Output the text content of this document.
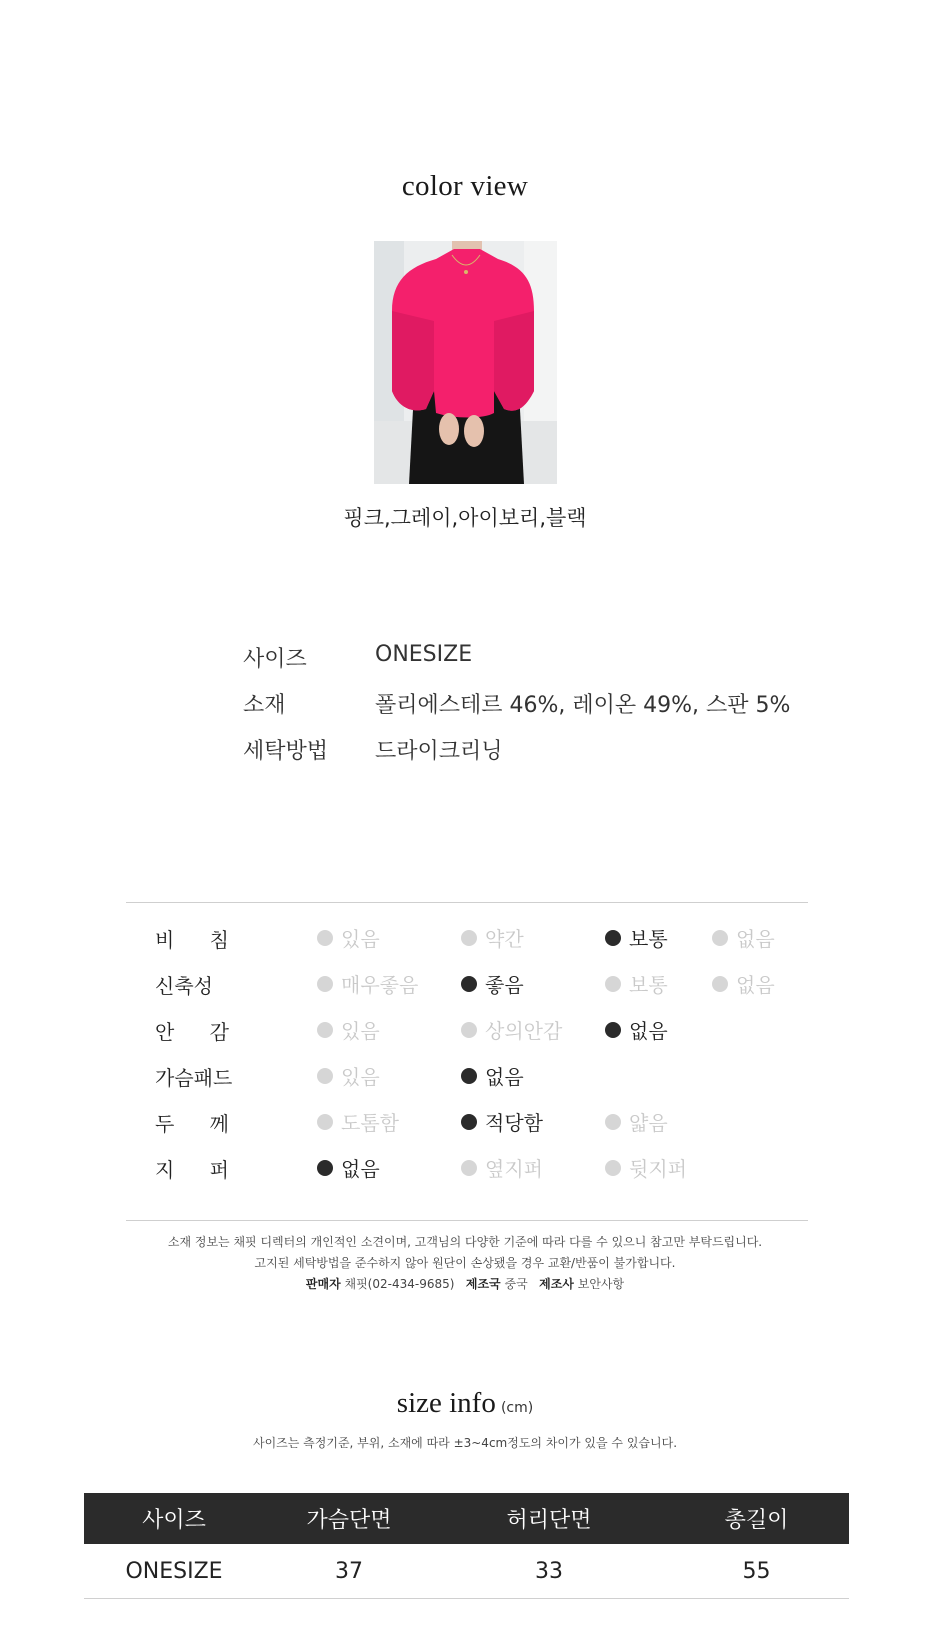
color view
핑크,그레이,아이보리,블랙
사이즈	ONESIZE
소재	폴리에스테르 46%, 레이온 49%, 스판 5%
세탁방법 드라이크리닝
비 침	있음	약간	보통	없음
신축성	매우좋음	좋음	보통	없음
안 감	있음	상의안감	없음
가슴패드	있음	없음
두 께	도톰함	적당함	얇음
지 퍼	없음	옆지퍼	뒷지퍼
소재 정보는 채핏 디렉터의 개인적인 소견이며, 고객님의 다양한 기준에 따라 다를 수 있으니 참고만 부탁드립니다.
고지된 세탁방법을 준수하지 않아 원단이 손상됐을 경우 교환/반품이 불가합니다.
판매자 채핏(02-434-9685) 제조국 중국 제조사 보안사항
size info (cm)
사이즈는 측정기준, 부위, 소재에 따라 ±3~4cm정도의 차이가 있을 수 있습니다.
사이즈	가슴단면	허리단면	총길이
ONESIZE	37	33	55
